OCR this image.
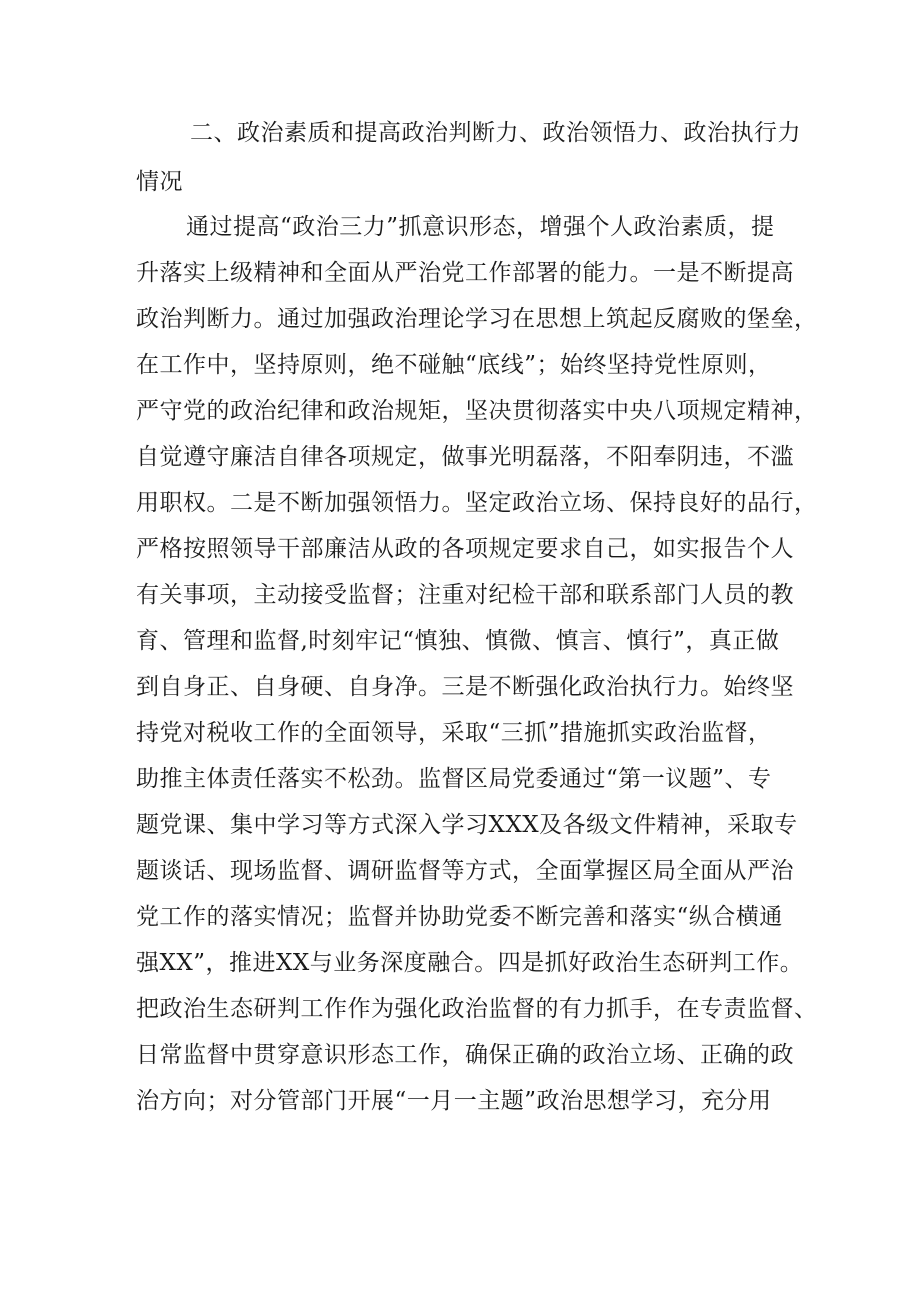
二、政治素质和提高政治判断力、政治领悟力、政治执行力
情况
通过提高“政治三力”抓意识形态，增强个人政治素质，提
升落实上级精神和全面从严治党工作部署的能力。一是不断提高
政治判断力。通过加强政治理论学习在思想上筑起反腐败的堡垒，
在工作中，坚持原则，绝不碰触“底线”；始终坚持党性原则，
严守党的政治纪律和政治规矩，坚决贯彻落实中央八项规定精神，
自觉遵守廉洁自律各项规定，做事光明磊落，不阳奉阴违，不滥
用职权。二是不断加强领悟力。坚定政治立场、保持良好的品行，
严格按照领导干部廉洁从政的各项规定要求自己，如实报告个人
有关事项，主动接受监督；注重对纪检干部和联系部门人员的教
育、管理和监督,时刻牢记“慎独、慎微、慎言、慎行”，真正做
到自身正、自身硬、自身净。三是不断强化政治执行力。始终坚
持党对税收工作的全面领导，采取“三抓”措施抓实政治监督，
助推主体责任落实不松劲。监督区局党委通过“第一议题”、专
题党课、集中学习等方式深入学习XXX及各级文件精神，采取专
题谈话、现场监督、调研监督等方式，全面掌握区局全面从严治
党工作的落实情况；监督并协助党委不断完善和落实“纵合横通
强XX”，推进XX与业务深度融合。四是抓好政治生态研判工作。
把政治生态研判工作作为强化政治监督的有力抓手，在专责监督、
日常监督中贯穿意识形态工作，确保正确的政治立场、正确的政
治方向；对分管部门开展“一月一主题”政治思想学习，充分用
